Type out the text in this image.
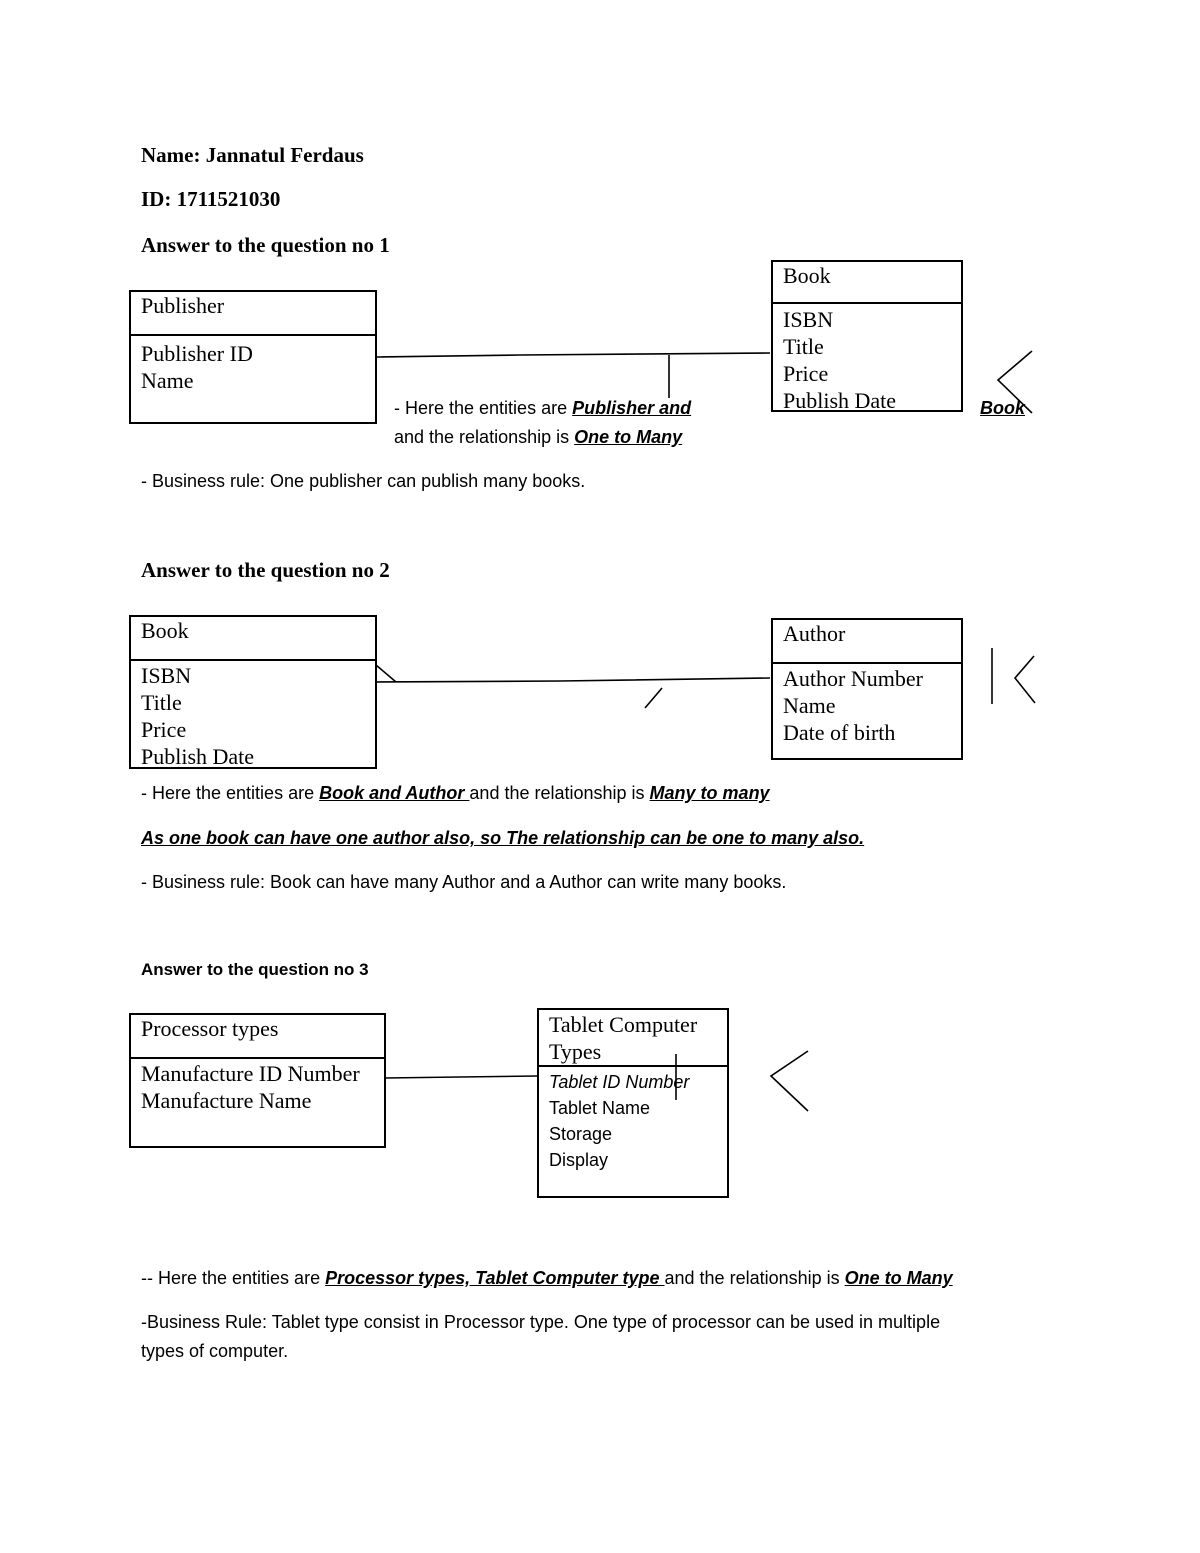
Name: Jannatul Ferdaus
ID: 1711521030
Answer to the question no 1
Publisher
Publisher ID
Name
Book
ISBN
Title
Price
Publish Date
- Here the entities are Publisher and
and the relationship is One to Many
Book
- Business rule: One publisher can publish many books.
Answer to the question no 2
Book
ISBN
Title
Price
Publish Date
Author
Author Number
Name
Date of birth
- Here the entities are Book and Author and the relationship is Many to many
As one book can have one author also, so The relationship can be one to many also.
- Business rule: Book can have many Author and a Author can write many books.
Answer to the question no 3
Processor types
Manufacture ID Number
Manufacture Name
Tablet Computer
Types
Tablet ID Number
Tablet Name
Storage
Display
-- Here the entities are Processor types, Tablet Computer type and the relationship is One to Many
-Business Rule: Tablet type consist in Processor type. One type of processor can be used in multiple
types of computer.
